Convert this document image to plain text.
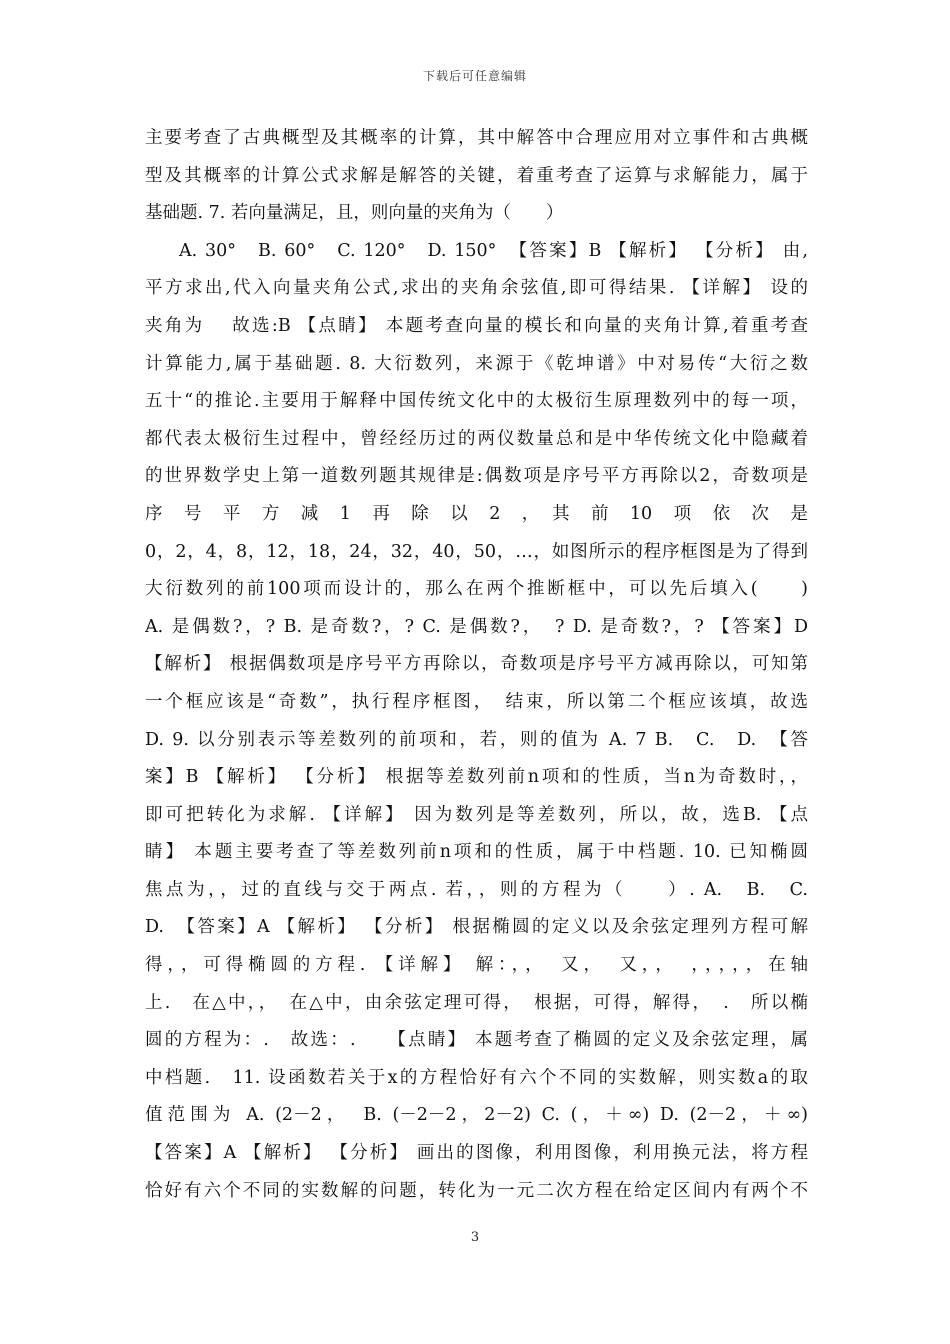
下载后可任意编辑
主要考查了古典概型及其概率的计算，其中解答中合理应用对立事件和古典概
型及其概率的计算公式求解是解答的关键，着重考查了运算与求解能力，属于
基础题. 7. 若向量满足，且，则向量的夹角为（　　）
A. 30°　B. 60°　C. 120°　D. 150°　【答案】B 【解析】 【分析】 由,
平方求出,代入向量夹角公式,求出的夹角余弦值,即可得结果. 【详解】 设的
夹角为　 故选:B 【点睛】 本题考查向量的模长和向量的夹角计算,着重考查
计算能力,属于基础题. 8. 大衍数列，来源于《乾坤谱》中对易传“大衍之数
五十“的推论.主要用于解释中国传统文化中的太极衍生原理数列中的每一项，
都代表太极衍生过程中，曾经经历过的两仪数量总和是中华传统文化中隐藏着
的世界数学史上第一道数列题其规律是:偶数项是序号平方再除以2，奇数项是
序　号　平　方　减　1　再　除　以　2　，　其　前　10　项　依　次　是
0，2，4，8，12，18，24，32，40，50，…，如图所示的程序框图是为了得到
大衍数列的前100项而设计的，那么在两个推断框中，可以先后填入(　　)
A. 是偶数?，? B. 是奇数?，? C. 是偶数?，　? D. 是奇数?，? 【答案】D
【解析】 根据偶数项是序号平方再除以，奇数项是序号平方减再除以，可知第
一个框应该是“奇数”，执行程序框图，　结束，所以第二个框应该填，故选
D. 9. 以分别表示等差数列的前项和，若，则的值为 A. 7 B.　C.　D.　【答
案】B 【解析】 【分析】 根据等差数列前n项和的性质，当n为奇数时，，
即可把转化为求解. 【详解】 因为数列是等差数列，所以，故，选B. 【点
睛】 本题主要考查了等差数列前n项和的性质，属于中档题. 10. 已知椭圆
焦点为，，过的直线与交于两点. 若，，则的方程为（　　）. A.　B.　C.
D.　【答案】A 【解析】 【分析】 根据椭圆的定义以及余弦定理列方程可解
得，，可得椭圆的方程. 【详解】 解：，，　又，　又，，　，，，，，在轴
上.　在△中，，　在△中，由余弦定理可得，　根据，可得，解得，　.　所以椭
圆的方程为：.　故选：.　　【点睛】 本题考查了椭圆的定义及余弦定理，属
中档题.　11. 设函数若关于x的方程恰好有六个不同的实数解，则实数a的取
值范围为 A. (2－2，　B. (－2－2，2－2) C. (，＋∞) D. (2－2，＋∞)
【答案】A 【解析】 【分析】 画出的图像，利用图像，利用换元法，将方程
恰好有六个不同的实数解的问题，转化为一元二次方程在给定区间内有两个不
3
